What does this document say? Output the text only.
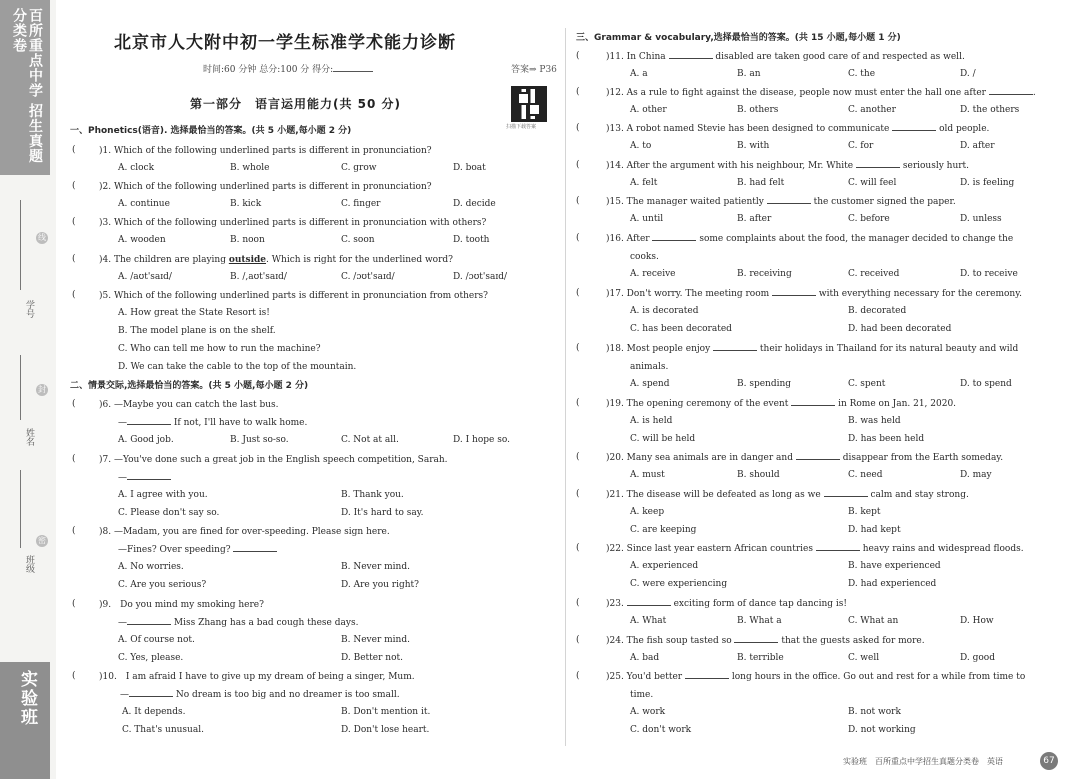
百所重点中学 招生真题分类卷
学号
姓名
班级
线
封
密
实验班
北京市人大附中初一学生标准学术能力诊断
时间:60 分钟 总分:100 分 得分:	答案⇒ P36
扫描下载答案
第一部分　语言运用能力(共 50 分)
一、Phonetics(语音). 选择最恰当的答案。(共 5 小题,每小题 2 分)
(	)1. Which of the following underlined parts is different in pronunciation?
A. clock	B. whole	C. grow	D. boat
(	)2. Which of the following underlined parts is different in pronunciation?
A. continue	B. kick	C. finger	D. decide
(	)3. Which of the following underlined parts is different in pronunciation with others?
A. wooden	B. noon	C. soon	D. tooth
(	)4. The children are playing outside. Which is right for the underlined word?
A. /aʊt'saɪd/	B. /,aʊt'saɪd/	C. /ɔʊt'saɪd/	D. /ɔʊt'saɪd/
(	)5. Which of the following underlined parts is different in pronunciation from others?
A. How great the State Resort is!
B. The model plane is on the shelf.
C. Who can tell me how to run the machine?
D. We can take the cable to the top of the mountain.
二、情景交际,选择最恰当的答案。(共 5 小题,每小题 2 分)
(	)6. —Maybe you can catch the last bus.
—	If not, I'll have to walk home.
A. Good job.	B. Just so-so.	C. Not at all.	D. I hope so.
(	)7. —You've done such a great job in the English speech competition, Sarah.
—
A. I agree with you.	B. Thank you.
C. Please don't say so.	D. It's hard to say.
(	)8. —Madam, you are fined for over-speeding. Please sign here.
—Fines? Over speeding?
A. No worries.	B. Never mind.
C. Are you serious?	D. Are you right?
(	)9.　Do you mind my smoking here?
—	Miss Zhang has a bad cough these days.
A. Of course not.	B. Never mind.
C. Yes, please.	D. Better not.
(	)10.　I am afraid I have to give up my dream of being a singer, Mum.
—	No dream is too big and no dreamer is too small.
A. It depends.	B. Don't mention it.
C. That's unusual.	D. Don't lose heart.
三、Grammar & vocabulary,选择最恰当的答案。(共 15 小题,每小题 1 分)
(	)11. In China	disabled are taken good care of and respected as well.
A. a	B. an	C. the	D. /
(	)12. As a rule to fight against the disease, people now must enter the hall one after	.
A. other	B. others	C. another	D. the others
(	)13. A robot named Stevie has been designed to communicate	old people.
A. to	B. with	C. for	D. after
(	)14. After the argument with his neighbour, Mr. White	seriously hurt.
A. felt	B. had felt	C. will feel	D. is feeling
(	)15. The manager waited patiently	the customer signed the paper.
A. until	B. after	C. before	D. unless
(	)16. After	some complaints about the food, the manager decided to change the
cooks.
A. receive	B. receiving	C. received	D. to receive
(	)17. Don't worry. The meeting room	with everything necessary for the ceremony.
A. is decorated	B. decorated
C. has been decorated	D. had been decorated
(	)18. Most people enjoy	their holidays in Thailand for its natural beauty and wild
animals.
A. spend	B. spending	C. spent	D. to spend
(	)19. The opening ceremony of the event	in Rome on Jan. 21, 2020.
A. is held	B. was held
C. will be held	D. has been held
(	)20. Many sea animals are in danger and	disappear from the Earth someday.
A. must	B. should	C. need	D. may
(	)21. The disease will be defeated as long as we	calm and stay strong.
A. keep	B. kept
C. are keeping	D. had kept
(	)22. Since last year eastern African countries	heavy rains and widespread floods.
A. experienced	B. have experienced
C. were experiencing	D. had experienced
(	)23.	exciting form of dance tap dancing is!
A. What	B. What a	C. What an	D. How
(	)24. The fish soup tasted so	that the guests asked for more.
A. bad	B. terrible	C. well	D. good
(	)25. You'd better	long hours in the office. Go out and rest for a while from time to
time.
A. work	B. not work
C. don't work	D. not working
实验班　百所重点中学招生真题分类卷　英语	67
